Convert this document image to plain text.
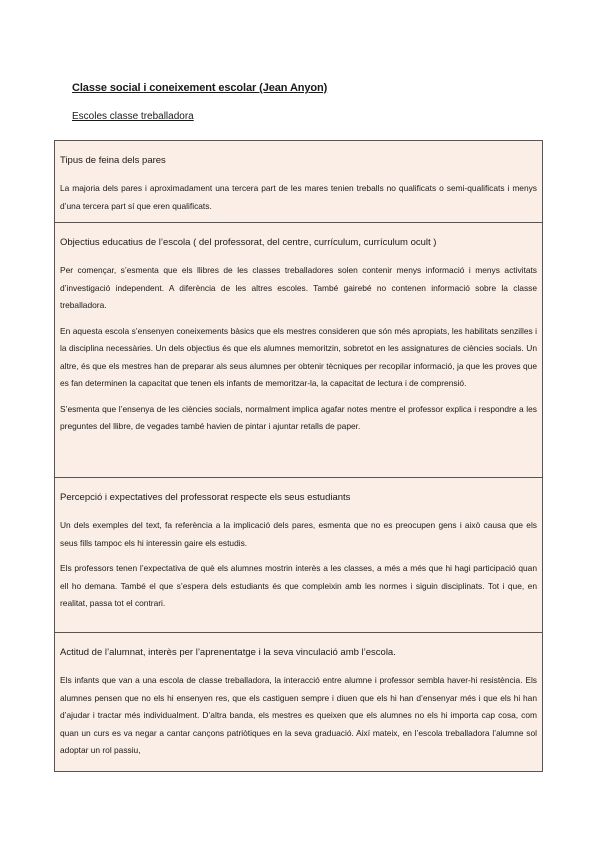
Classe social i coneixement escolar (Jean Anyon)
Escoles classe treballadora
Tipus de feina dels pares

La majoria dels pares i aproximadament una tercera part de les mares tenien treballs no qualificats o semi-qualificats i menys d’una tercera part sí que eren qualificats.

Objectius educatius de l’escola ( del professorat, del centre, currículum, currículum ocult )

Per començar, s’esmenta que els llibres de les classes treballadores solen contenir menys informació i menys activitats d’investigació independent. A diferència de les altres escoles. També gairebé no contenen informació sobre la classe treballadora.

En aquesta escola s’ensenyen coneixements bàsics que els mestres consideren que són més apropiats, les habilitats senzilles i la disciplina necessàries. Un dels objectius és que els alumnes memoritzin, sobretot en les assignatures de ciències socials. Un altre, és que els mestres han de preparar als seus alumnes per obtenir tècniques per recopilar informació, ja que les proves que es fan determinen la capacitat que tenen els infants de memoritzar-la, la capacitat de lectura i de comprensió.

S’esmenta que l’ensenya de les ciències socials, normalment implica agafar notes mentre el professor explica i respondre a les preguntes del llibre, de vegades també havien de pintar i ajuntar retalls de paper.

Percepció i expectatives del professorat respecte els seus estudiants

Un dels exemples del text, fa referència a la implicació dels pares, esmenta que no es preocupen gens i això causa que els seus fills tampoc els hi interessin gaire els estudis.

Els professors tenen l’expectativa de què els alumnes mostrin interès a les classes, a més a més que hi hagi participació quan ell ho demana. També el que s’espera dels estudiants és que compleixin amb les normes i siguin disciplinats. Tot i que, en realitat, passa tot el contrari.

Actitud de l’alumnat, interès per l’aprenentatge i la seva vinculació amb l’escola.

Els infants que van a una escola de classe treballadora, la interacció entre alumne i professor sembla haver-hi resistència. Els alumnes pensen que no els hi ensenyen res, que els castiguen sempre i diuen que els hi han d’ensenyar més i que els hi han d’ajudar i tractar més individualment. D’altra banda, els mestres es queixen que els alumnes no els hi importa cap cosa, com quan un curs es va negar a cantar cançons patriòtiques en la seva graduació. Així mateix, en l’escola treballadora l’alumne sol adoptar un rol passiu,
